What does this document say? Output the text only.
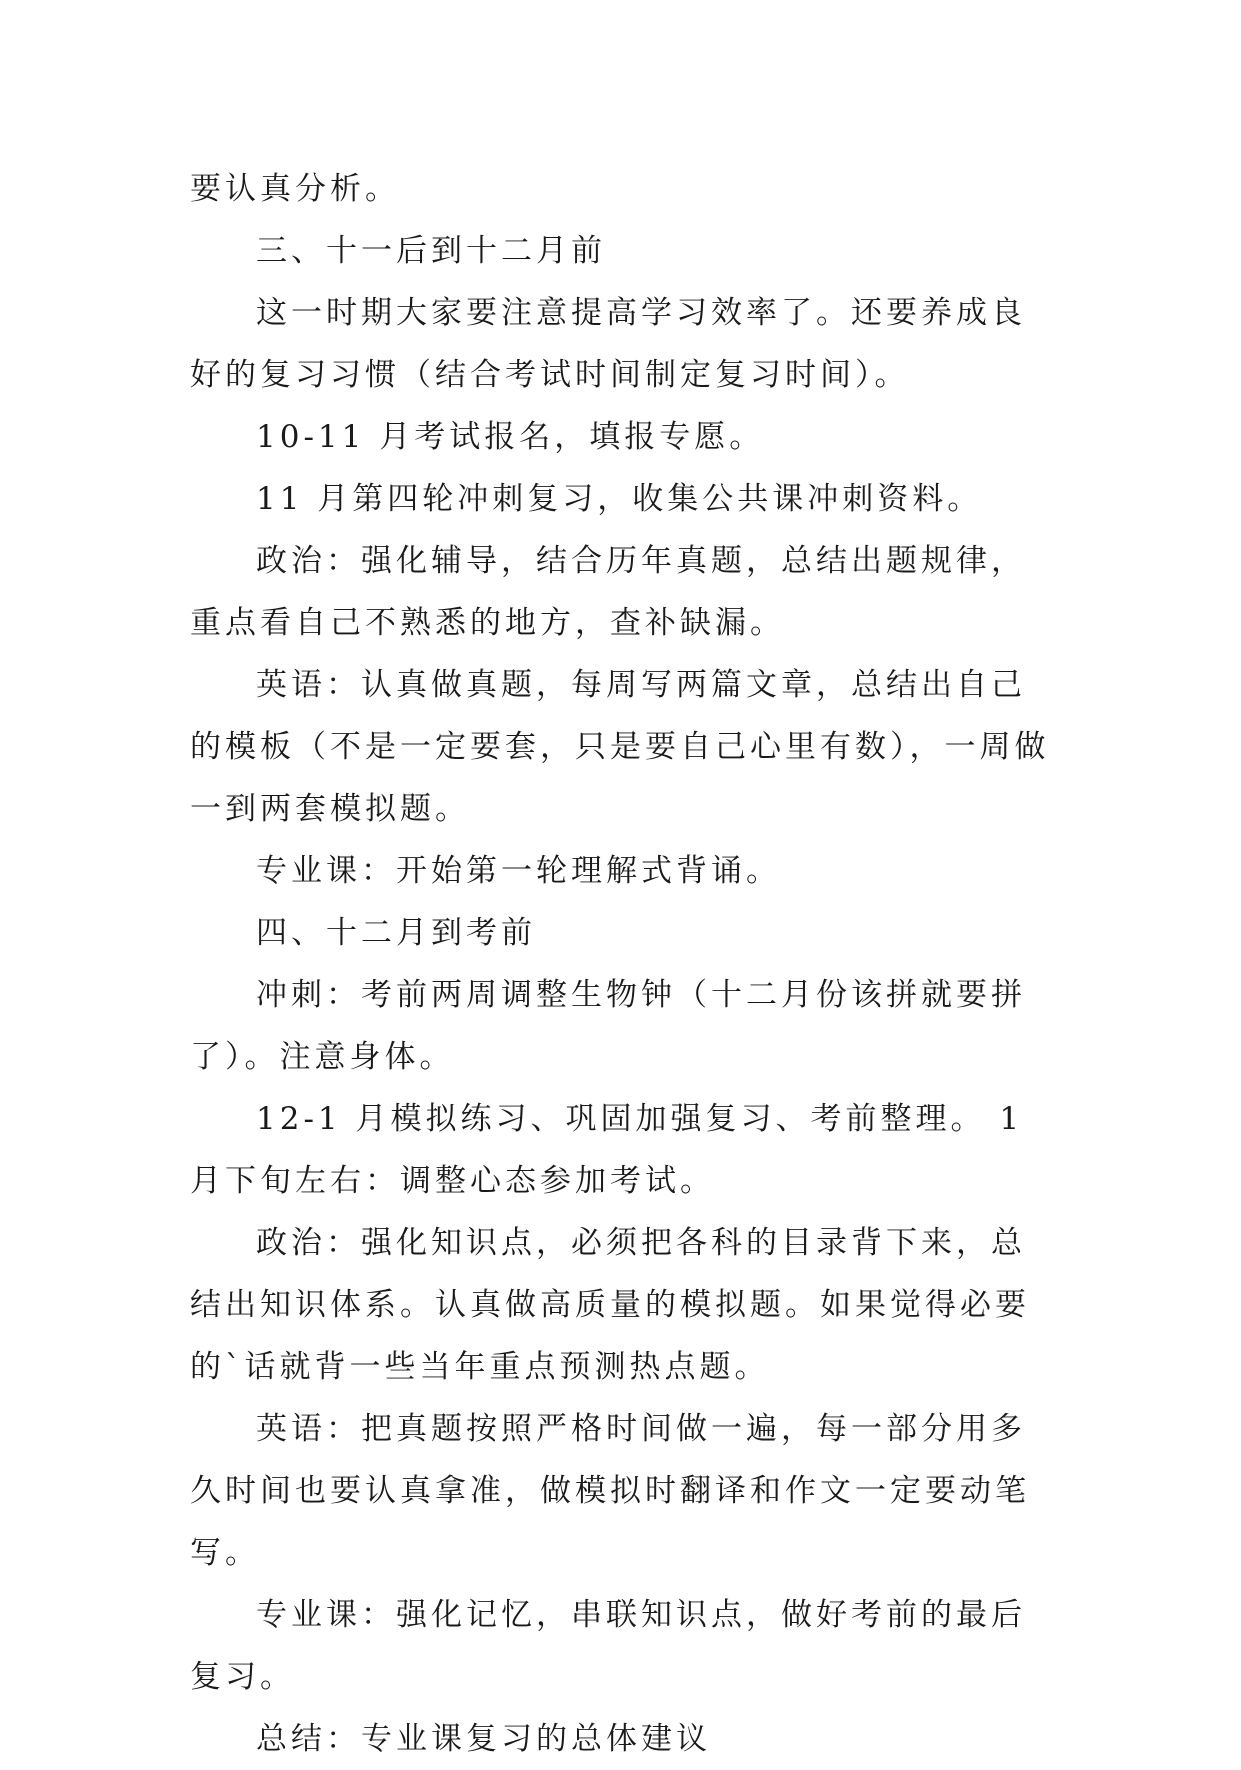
要认真分析。

三、十一后到十二月前

这一时期大家要注意提高学习效率了。还要养成良好的复习习惯（结合考试时间制定复习时间）。

10-11 月考试报名，填报专愿。

11 月第四轮冲刺复习，收集公共课冲刺资料。

政治：强化辅导，结合历年真题，总结出题规律，重点看自己不熟悉的地方，查补缺漏。

英语：认真做真题，每周写两篇文章，总结出自己的模板（不是一定要套，只是要自己心里有数），一周做一到两套模拟题。

专业课：开始第一轮理解式背诵。

四、十二月到考前

冲刺：考前两周调整生物钟（十二月份该拼就要拼了）。注意身体。

12-1 月模拟练习、巩固加强复习、考前整理。 1 月下旬左右：调整心态参加考试。

政治：强化知识点，必须把各科的目录背下来，总结出知识体系。认真做高质量的模拟题。如果觉得必要的`话就背一些当年重点预测热点题。

英语：把真题按照严格时间做一遍，每一部分用多久时间也要认真拿准，做模拟时翻译和作文一定要动笔写。

专业课：强化记忆，串联知识点，做好考前的最后复习。

总结：专业课复习的总体建议
